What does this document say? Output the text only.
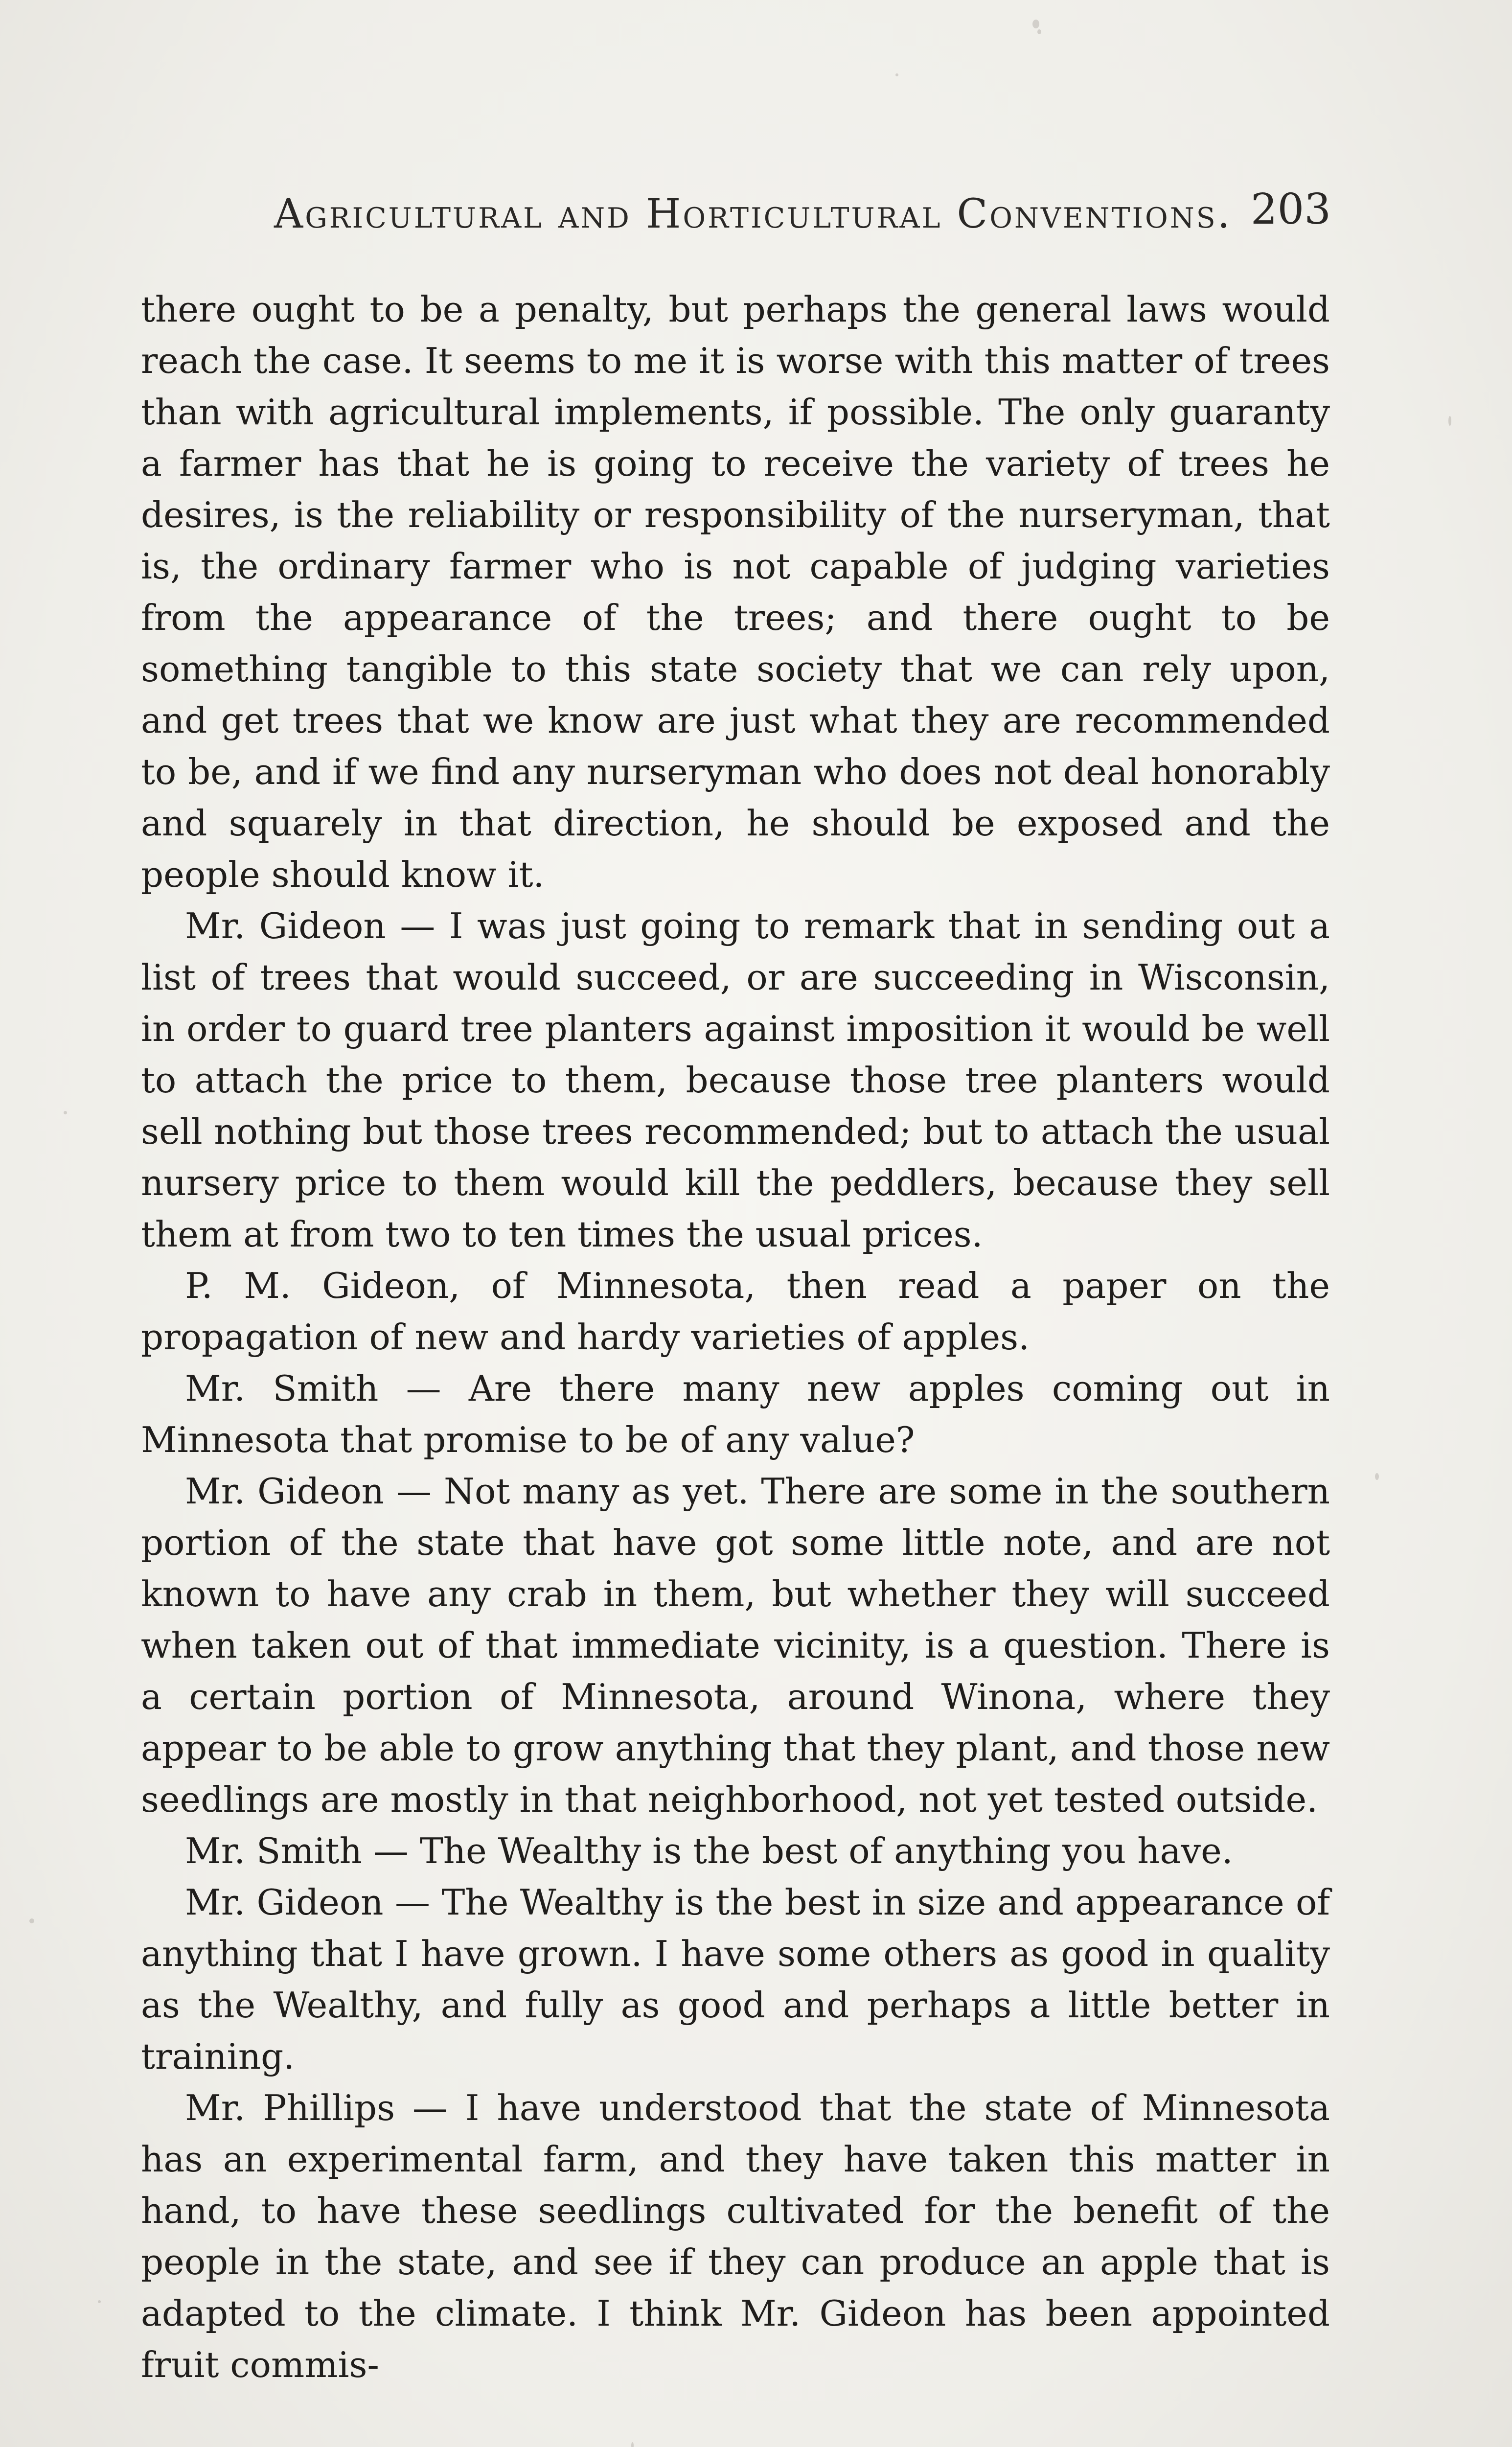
Agricultural and Horticultural Conventions. 203

there ought to be a penalty, but perhaps the general laws would reach the case. It seems to me it is worse with this matter of trees than with agricultural implements, if possible. The only guaranty a farmer has that he is going to receive the variety of trees he desires, is the reliability or responsibility of the nurseryman, that is, the ordinary farmer who is not capable of judging varieties from the appearance of the trees; and there ought to be something tangible to this state society that we can rely upon, and get trees that we know are just what they are recommended to be, and if we find any nurseryman who does not deal honorably and squarely in that direction, he should be exposed and the people should know it.

Mr. Gideon — I was just going to remark that in sending out a list of trees that would succeed, or are succeeding in Wisconsin, in order to guard tree planters against imposition it would be well to attach the price to them, because those tree planters would sell nothing but those trees recommended; but to attach the usual nursery price to them would kill the peddlers, because they sell them at from two to ten times the usual prices.

P. M. Gideon, of Minnesota, then read a paper on the propagation of new and hardy varieties of apples.

Mr. Smith — Are there many new apples coming out in Minnesota that promise to be of any value?

Mr. Gideon — Not many as yet. There are some in the southern portion of the state that have got some little note, and are not known to have any crab in them, but whether they will succeed when taken out of that immediate vicinity, is a question. There is a certain portion of Minnesota, around Winona, where they appear to be able to grow anything that they plant, and those new seedlings are mostly in that neighborhood, not yet tested outside.

Mr. Smith — The Wealthy is the best of anything you have.

Mr. Gideon — The Wealthy is the best in size and appearance of anything that I have grown. I have some others as good in quality as the Wealthy, and fully as good and perhaps a little better in training.

Mr. Phillips — I have understood that the state of Minnesota has an experimental farm, and they have taken this matter in hand, to have these seedlings cultivated for the benefit of the people in the state, and see if they can produce an apple that is adapted to the climate. I think Mr. Gideon has been appointed fruit commis-
